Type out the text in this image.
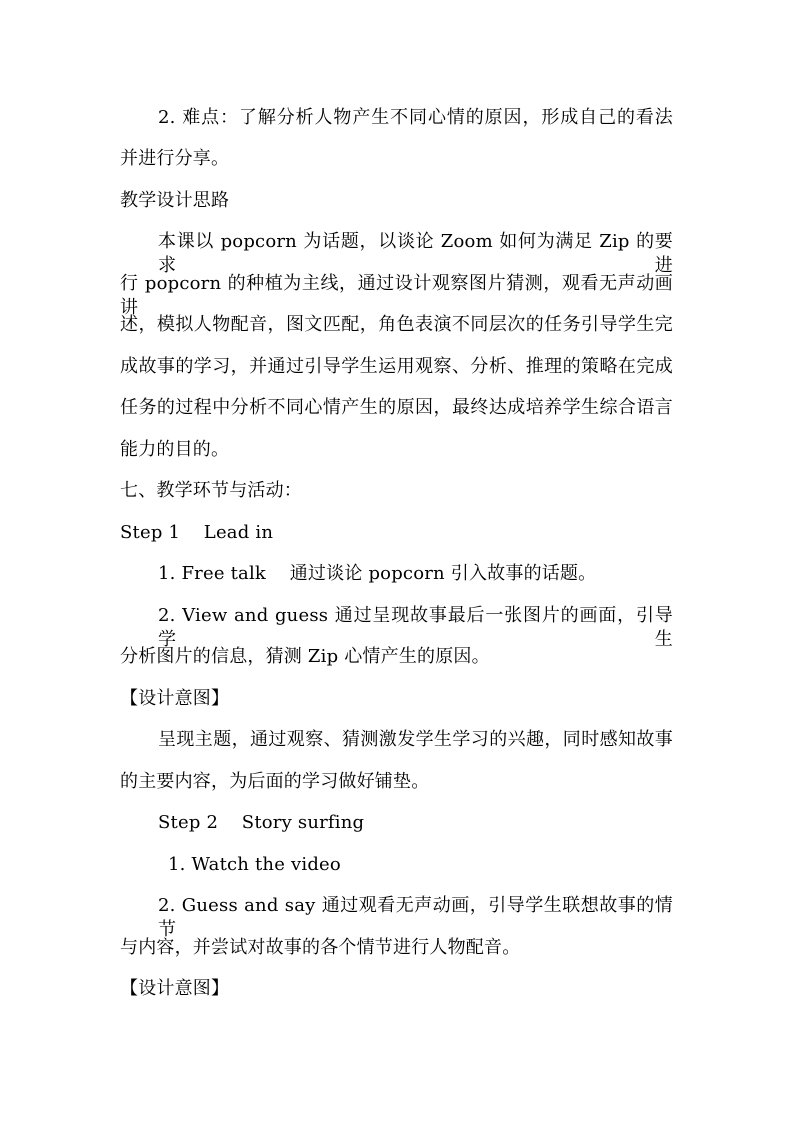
2. 难点：了解分析人物产生不同心情的原因，形成自己的看法
并进行分享。
教学设计思路
本课以 popcorn 为话题，以谈论 Zoom 如何为满足 Zip 的要求进
行 popcorn 的种植为主线，通过设计观察图片猜测，观看无声动画讲
述，模拟人物配音，图文匹配，角色表演不同层次的任务引导学生完
成故事的学习，并通过引导学生运用观察、分析、推理的策略在完成
任务的过程中分析不同心情产生的原因，最终达成培养学生综合语言
能力的目的。
七、教学环节与活动：
Step 1    Lead in
1. Free talk    通过谈论 popcorn 引入故事的话题。
2. View and guess 通过呈现故事最后一张图片的画面，引导学生
分析图片的信息，猜测 Zip 心情产生的原因。
【设计意图】
呈现主题，通过观察、猜测激发学生学习的兴趣，同时感知故事
的主要内容，为后面的学习做好铺垫。
Step 2    Story surfing
1. Watch the video
2. Guess and say 通过观看无声动画，引导学生联想故事的情节
与内容，并尝试对故事的各个情节进行人物配音。
【设计意图】
